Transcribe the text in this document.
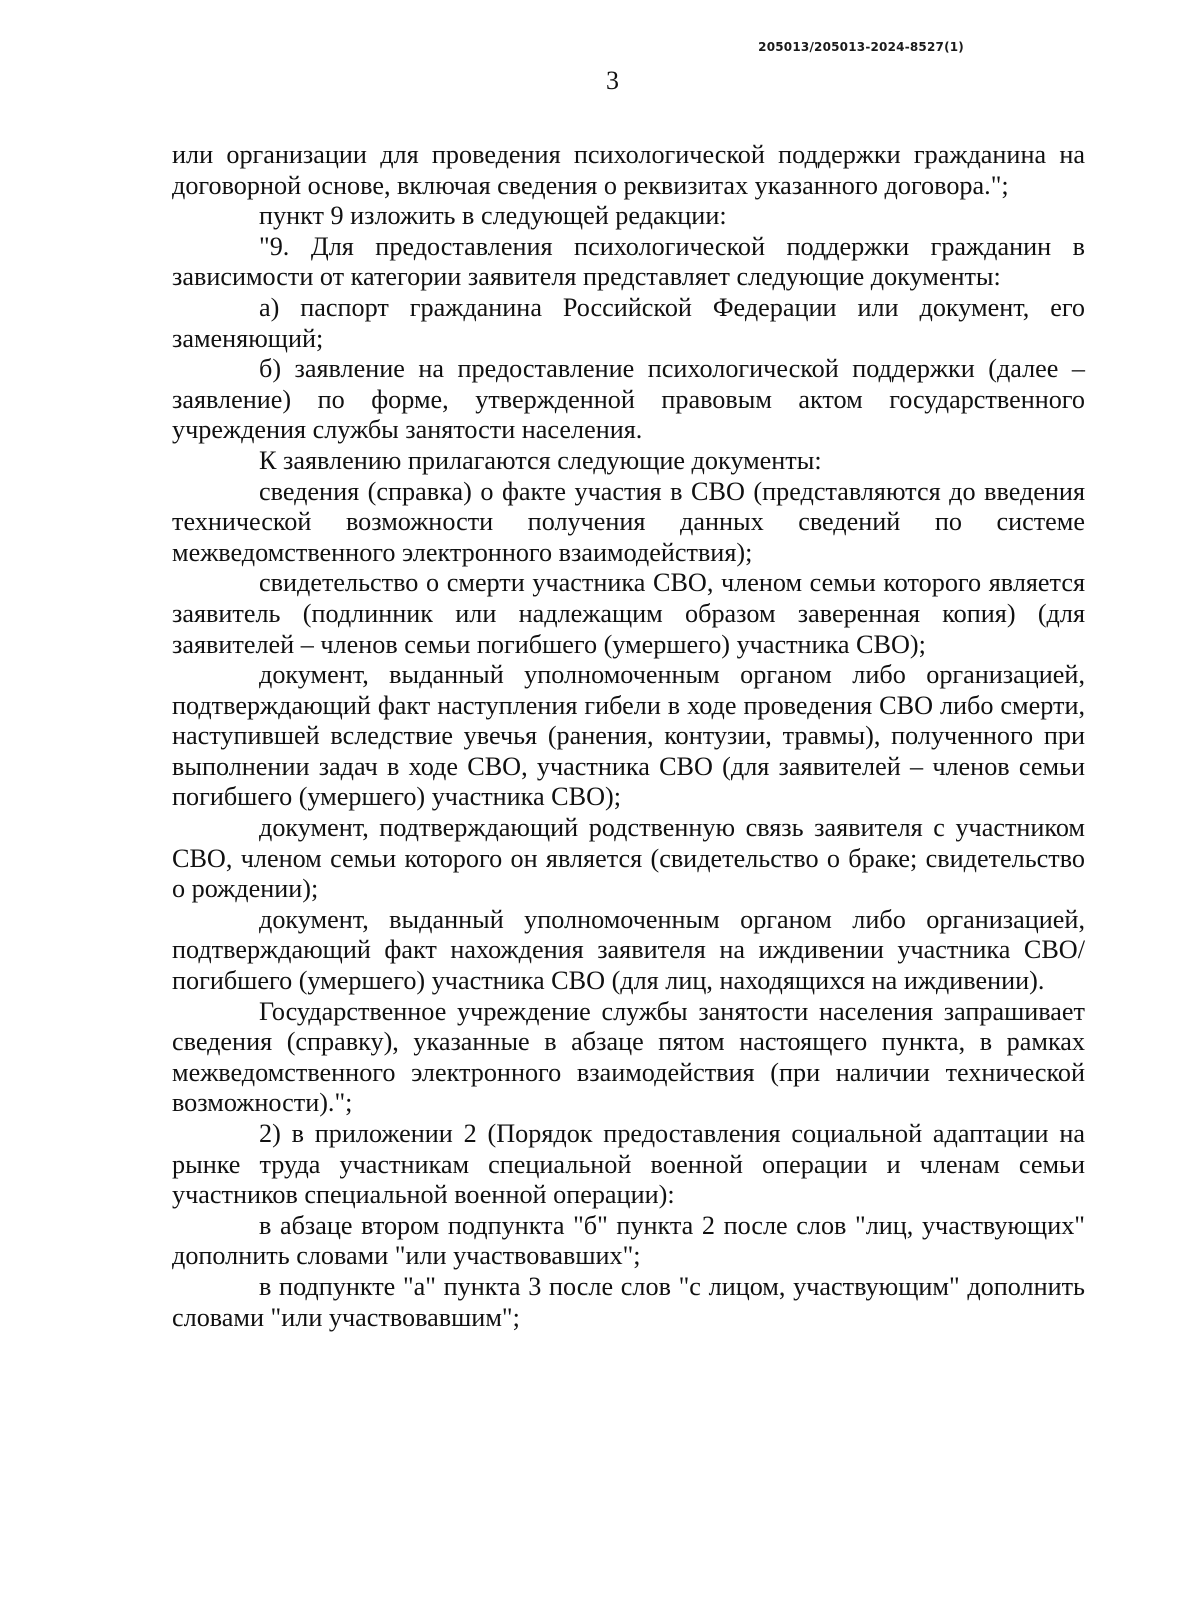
205013/205013-2024-8527(1)
3

или организации для проведения психологической поддержки гражданина на договорной основе, включая сведения о реквизитах указанного договора.";

пункт 9 изложить в следующей редакции:

"9. Для предоставления психологической поддержки гражданин в зависимости от категории заявителя представляет следующие документы:

а) паспорт гражданина Российской Федерации или документ, его заменяющий;

б) заявление на предоставление психологической поддержки (далее – заявление) по форме, утвержденной правовым актом государственного учреждения службы занятости населения.

К заявлению прилагаются следующие документы:

сведения (справка) о факте участия в СВО (представляются до введения технической возможности получения данных сведений по системе межведомственного электронного взаимодействия);

свидетельство о смерти участника СВО, членом семьи которого является заявитель (подлинник или надлежащим образом заверенная копия) (для заявителей – членов семьи погибшего (умершего) участника СВО);

документ, выданный уполномоченным органом либо организацией, подтверждающий факт наступления гибели в ходе проведения СВО либо смерти, наступившей вследствие увечья (ранения, контузии, травмы), полученного при выполнении задач в ходе СВО, участника СВО (для заявителей – членов семьи погибшего (умершего) участника СВО);

документ, подтверждающий родственную связь заявителя с участником СВО, членом семьи которого он является (свидетельство о браке; свидетельство о рождении);

документ, выданный уполномоченным органом либо организацией, подтверждающий факт нахождения заявителя на иждивении участника СВО/погибшего (умершего) участника СВО (для лиц, находящихся на иждивении).

Государственное учреждение службы занятости населения запрашивает сведения (справку), указанные в абзаце пятом настоящего пункта, в рамках межведомственного электронного взаимодействия (при наличии технической возможности).";

2) в приложении 2 (Порядок предоставления социальной адаптации на рынке труда участникам специальной военной операции и членам семьи участников специальной военной операции):

в абзаце втором подпункта "б" пункта 2 после слов "лиц, участвующих" дополнить словами "или участвовавших";

в подпункте "а" пункта 3 после слов "с лицом, участвующим" дополнить словами "или участвовавшим";
